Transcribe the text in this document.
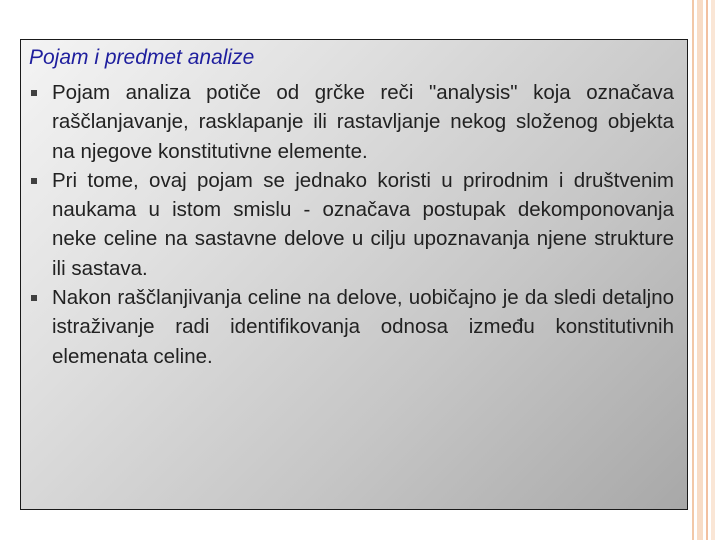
Pojam i predmet analize
Pojam analiza potiče od grčke reči "analysis" koja označava raščlanjavanje, rasklapanje ili rastavljanje nekog složenog objekta na njegove konstitutivne elemente.
Pri tome, ovaj pojam se jednako koristi u prirodnim i društvenim naukama u istom smislu - označava postupak dekomponovanja neke celine na sastavne delove u cilju upoznavanja njene strukture ili sastava.
Nakon raščlanjivanja celine na delove, uobičajno je da sledi detaljno istraživanje radi identifikovanja odnosa između konstitutivnih elemenata celine.
